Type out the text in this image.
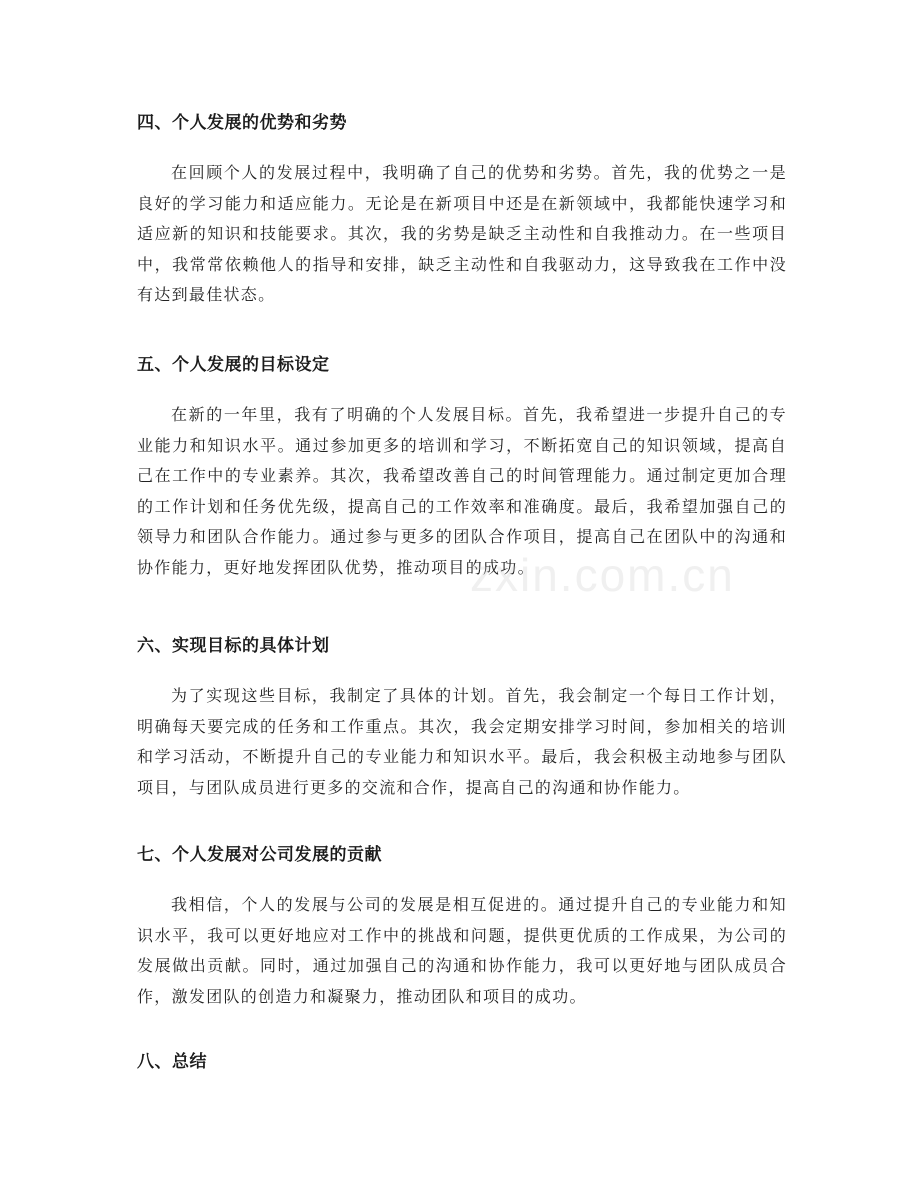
四、个人发展的优势和劣势

在回顾个人的发展过程中，我明确了自己的优势和劣势。首先，我的优势之一是良好的学习能力和适应能力。无论是在新项目中还是在新领域中，我都能快速学习和适应新的知识和技能要求。其次，我的劣势是缺乏主动性和自我推动力。在一些项目中，我常常依赖他人的指导和安排，缺乏主动性和自我驱动力，这导致我在工作中没有达到最佳状态。

五、个人发展的目标设定

在新的一年里，我有了明确的个人发展目标。首先，我希望进一步提升自己的专业能力和知识水平。通过参加更多的培训和学习，不断拓宽自己的知识领域，提高自己在工作中的专业素养。其次，我希望改善自己的时间管理能力。通过制定更加合理的工作计划和任务优先级，提高自己的工作效率和准确度。最后，我希望加强自己的领导力和团队合作能力。通过参与更多的团队合作项目，提高自己在团队中的沟通和协作能力，更好地发挥团队优势，推动项目的成功。

六、实现目标的具体计划

为了实现这些目标，我制定了具体的计划。首先，我会制定一个每日工作计划，明确每天要完成的任务和工作重点。其次，我会定期安排学习时间，参加相关的培训和学习活动，不断提升自己的专业能力和知识水平。最后，我会积极主动地参与团队项目，与团队成员进行更多的交流和合作，提高自己的沟通和协作能力。

七、个人发展对公司发展的贡献

我相信，个人的发展与公司的发展是相互促进的。通过提升自己的专业能力和知识水平，我可以更好地应对工作中的挑战和问题，提供更优质的工作成果，为公司的发展做出贡献。同时，通过加强自己的沟通和协作能力，我可以更好地与团队成员合作，激发团队的创造力和凝聚力，推动团队和项目的成功。

八、总结
zxin.com.cn
